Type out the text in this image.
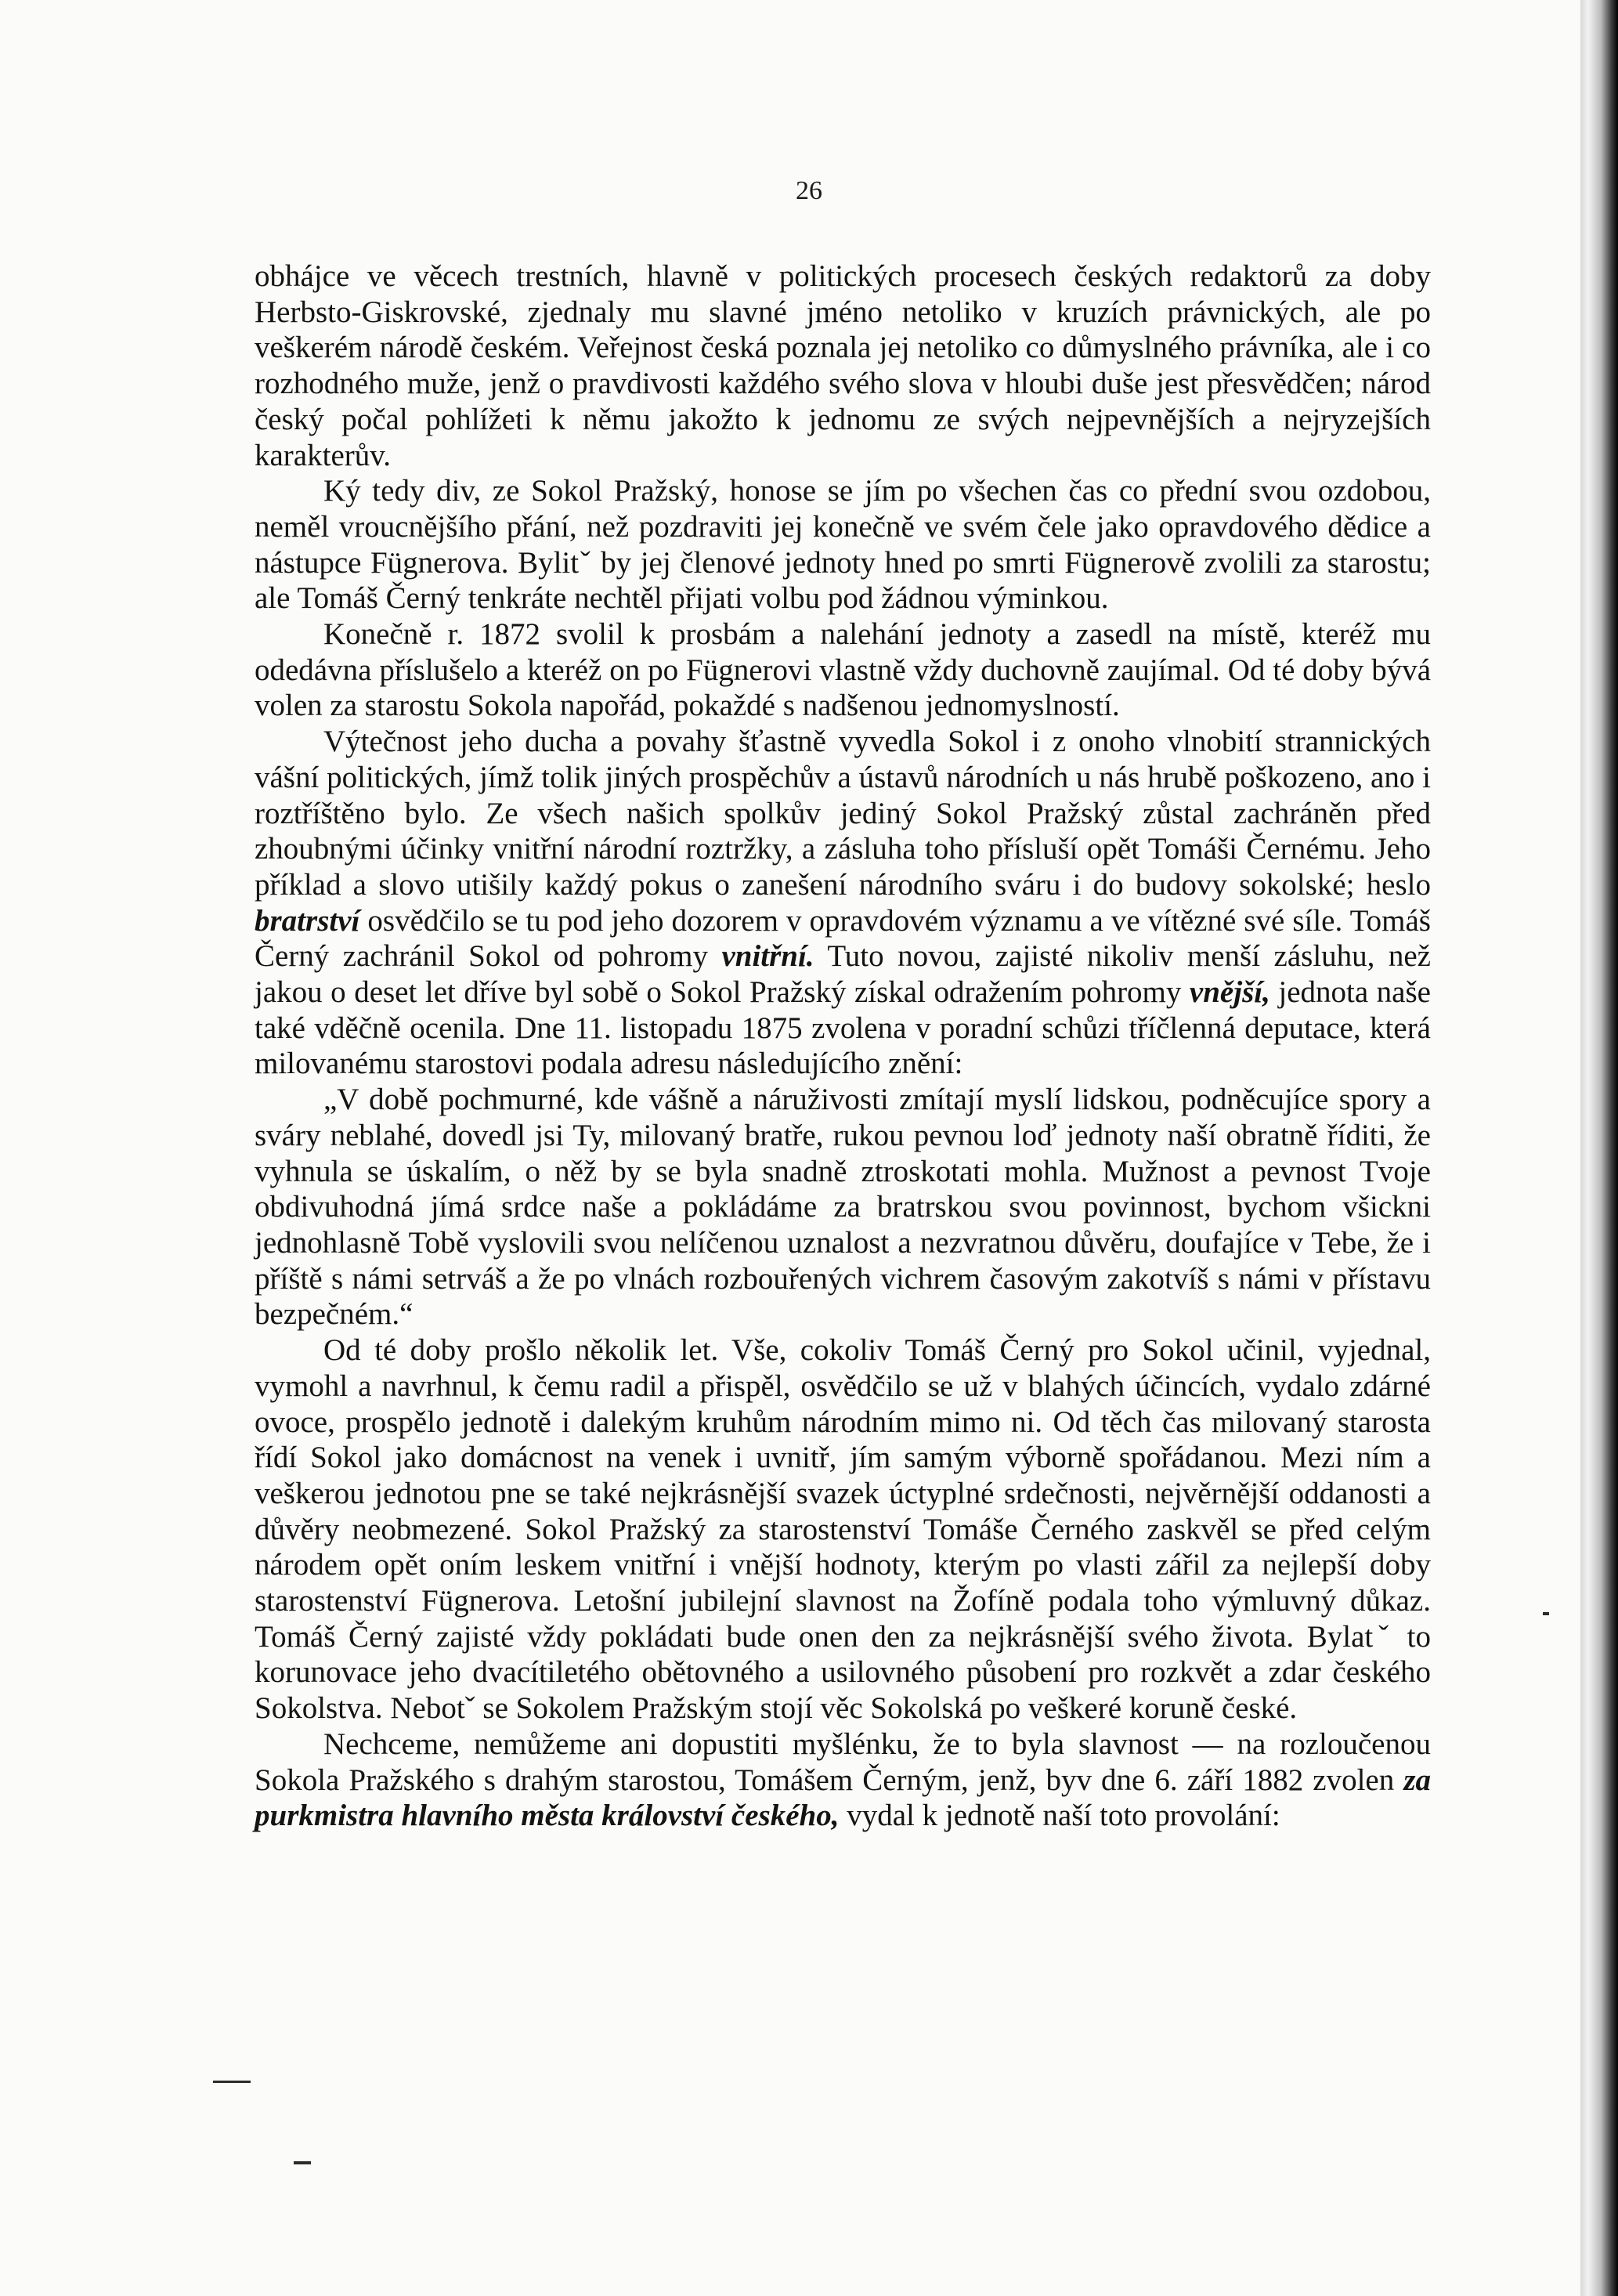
26

obhájce ve věcech trestních, hlavně v politických procesech českých redaktorů za doby Herbsto-Giskrovské, zjednaly mu slavné jméno netoliko v kruzích právnických, ale po veškerém národě českém. Veřejnost česká poznala jej netoliko co důmyslného právníka, ale i co rozhodného muže, jenž o pravdivosti každého svého slova v hloubi duše jest přesvědčen; národ český počal pohlížeti k němu jakožto k jednomu ze svých nejpevnějších a nejryzejších karakterův.

Ký tedy div, ze Sokol Pražský, honose se jím po všechen čas co přední svou ozdobou, neměl vroucnějšího přání, než pozdraviti jej konečně ve svém čele jako opravdového dědice a nástupce Fügnerova. Bylitˇ by jej členové jednoty hned po smrti Fügnerově zvolili za starostu; ale Tomáš Černý tenkráte nechtěl přijati volbu pod žádnou výminkou.

Konečně r. 1872 svolil k prosbám a nalehání jednoty a zasedl na místě, kteréž mu odedávna příslušelo a kteréž on po Fügnerovi vlastně vždy duchovně zaujímal. Od té doby bývá volen za starostu Sokola napořád, pokaždé s nadšenou jednomyslností.

Výtečnost jeho ducha a povahy šťastně vyvedla Sokol i z onoho vlnobití strannických vášní politických, jímž tolik jiných prospěchův a ústavů národních u nás hrubě poškozeno, ano i roztříštěno bylo. Ze všech našich spolkův jediný Sokol Pražský zůstal zachráněn před zhoubnými účinky vnitřní národní roztržky, a zásluha toho přísluší opět Tomáši Černému. Jeho příklad a slovo utišily každý pokus o zanešení národního sváru i do budovy sokolské; heslo bratrství osvědčilo se tu pod jeho dozorem v opravdovém významu a ve vítězné své síle. Tomáš Černý zachránil Sokol od pohromy vnitřní. Tuto novou, zajisté nikoliv menší zásluhu, než jakou o deset let dříve byl sobě o Sokol Pražský získal odražením pohromy vnější, jednota naše také vděčně ocenila. Dne 11. listopadu 1875 zvolena v poradní schůzi tříčlenná deputace, která milovanému starostovi podala adresu následujícího znění:

„V době pochmurné, kde vášně a náruživosti zmítají myslí lidskou, podněcujíce spory a sváry neblahé, dovedl jsi Ty, milovaný bratře, rukou pevnou loď jednoty naší obratně říditi, že vyhnula se úskalím, o něž by se byla snadně ztroskotati mohla. Mužnost a pevnost Tvoje obdivuhodná jímá srdce naše a pokládáme za bratrskou svou povinnost, bychom všickni jednohlasně Tobě vyslovili svou nelíčenou uznalost a nezvratnou důvěru, doufajíce v Tebe, že i příště s námi setrváš a že po vlnách rozbouřených vichrem časovým zakotvíš s námi v přístavu bezpečném.“

Od té doby prošlo několik let. Vše, cokoliv Tomáš Černý pro Sokol učinil, vyjednal, vymohl a navrhnul, k čemu radil a přispěl, osvědčilo se už v blahých účincích, vydalo zdárné ovoce, prospělo jednotě i dalekým kruhům národním mimo ni. Od těch čas milovaný starosta řídí Sokol jako domácnost na venek i uvnitř, jím samým výborně spořádanou. Mezi ním a veškerou jednotou pne se také nejkrásnější svazek úctyplné srdečnosti, nejvěrnější oddanosti a důvěry neobmezené. Sokol Pražský za starostenství Tomáše Černého zaskvěl se před celým národem opět oním leskem vnitřní i vnější hodnoty, kterým po vlasti zářil za nejlepší doby starostenství Fügnerova. Letošní jubilejní slavnost na Žofíně podala toho výmluvný důkaz. Tomáš Černý zajisté vždy pokládati bude onen den za nejkrásnější svého života. Bylatˇ to korunovace jeho dvacítiletého obětovného a usilovného působení pro rozkvět a zdar českého Sokolstva. Nebotˇ se Sokolem Pražským stojí věc Sokolská po veškeré koruně české.

Nechceme, nemůžeme ani dopustiti myšlénku, že to byla slavnost — na rozloučenou Sokola Pražského s drahým starostou, Tomášem Černým, jenž, byv dne 6. září 1882 zvolen za purkmistra hlavního města království českého, vydal k jednotě naší toto provolání:
